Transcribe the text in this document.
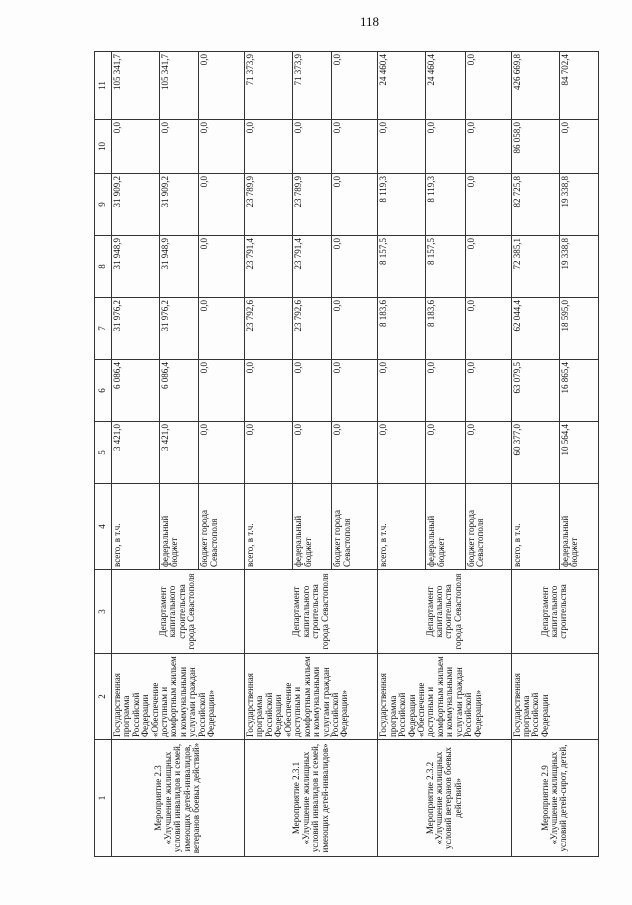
118
1	2	3	4	5	6	7	8	9	10	11
Мероприятие 2.3 «Улучшение жилищных условий инвалидов и семей, имеющих детей-инвалидов, ветеранов боевых действий»	Государственная программа Российской Федерации «Обеспечение доступным и комфортным жильем и коммунальными услугами граждан Российской Федерации»	Департамент капитального строительства города Севастополя	всего, в т.ч.	3 421,0	6 086,4	31 976,2	31 948,9	31 909,2	0,0	105 341,7
			федеральный бюджет	3 421,0	6 086,4	31 976,2	31 948,9	31 909,2	0,0	105 341,7
			бюджет города Севастополя	0,0	0,0	0,0	0,0	0,0	0,0	0,0
Мероприятие 2.3.1 «Улучшение жилищных условий инвалидов и семей, имеющих детей-инвалидов»	Государственная программа Российской Федерации «Обеспечение доступным и комфортным жильем и коммунальными услугами граждан Российской Федерации»	Департамент капитального строительства города Севастополя	всего, в т.ч.	0,0	0,0	23 792,6	23 791,4	23 789,9	0,0	71 373,9
			федеральный бюджет	0,0	0,0	23 792,6	23 791,4	23 789,9	0,0	71 373,9
			бюджет города Севастополя	0,0	0,0	0,0	0,0	0,0	0,0	0,0
Мероприятие 2.3.2 «Улучшение жилищных условий ветеранов боевых действий»	Государственная программа Российской Федерации «Обеспечение доступным и комфортным жильем и коммунальными услугами граждан Российской Федерации»	Департамент капитального строительства города Севастополя	всего, в т.ч.	0,0	0,0	8 183,6	8 157,5	8 119,3	0,0	24 460,4
			федеральный бюджет	0,0	0,0	8 183,6	8 157,5	8 119,3	0,0	24 460,4
			бюджет города Севастополя	0,0	0,0	0,0	0,0	0,0	0,0	0,0
Мероприятие 2.9 «Улучшение жилищных условий детей-сирот, детей,	Государственная программа Российской Федерации	Департамент капитального строительства	всего, в т.ч.	60 377,0	63 079,5	62 044,4	72 385,1	82 725,8	86 058,0	426 669,8
			федеральный бюджет	10 564,4	16 865,4	18 595,0	19 338,8	19 338,8	0,0	84 702,4
